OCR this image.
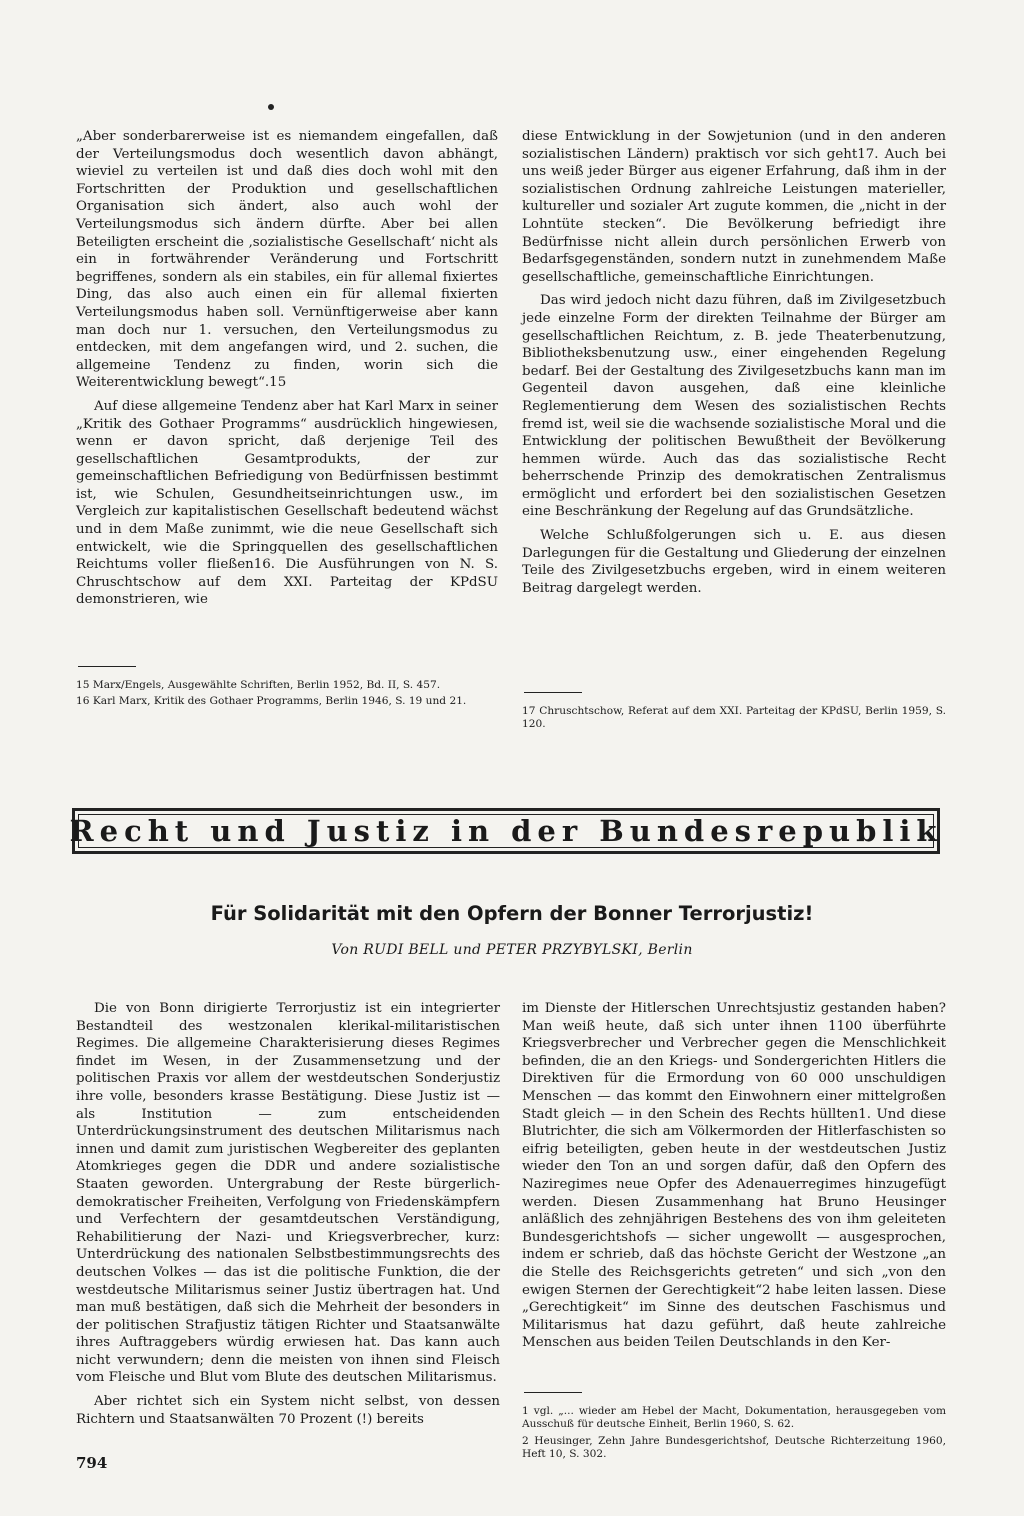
„Aber sonderbarerweise ist es niemandem eingefallen, daß der Verteilungsmodus doch wesentlich davon abhängt, wieviel zu verteilen ist und daß dies doch wohl mit den Fortschritten der Produktion und gesellschaftlichen Organisation sich ändert, also auch wohl der Verteilungsmodus sich ändern dürfte. Aber bei allen Beteiligten erscheint die ‚sozialistische Gesellschaft‘ nicht als ein in fortwährender Veränderung und Fortschritt begriffenes, sondern als ein stabiles, ein für allemal fixiertes Ding, das also auch einen ein für allemal fixierten Verteilungsmodus haben soll. Vernünftigerweise aber kann man doch nur 1. versuchen, den Verteilungsmodus zu entdecken, mit dem angefangen wird, und 2. suchen, die allgemeine Tendenz zu finden, worin sich die Weiterentwicklung bewegt“.15

Auf diese allgemeine Tendenz aber hat Karl Marx in seiner „Kritik des Gothaer Programms“ ausdrücklich hingewiesen, wenn er davon spricht, daß derjenige Teil des gesellschaftlichen Gesamtprodukts, der zur gemeinschaftlichen Befriedigung von Bedürfnissen bestimmt ist, wie Schulen, Gesundheitseinrichtungen usw., im Vergleich zur kapitalistischen Gesellschaft bedeutend wächst und in dem Maße zunimmt, wie die neue Gesellschaft sich entwickelt, wie die Springquellen des gesellschaftlichen Reichtums voller fließen16. Die Ausführungen von N. S. Chruschtschow auf dem XXI. Parteitag der KPdSU demonstrieren, wie

15 Marx/Engels, Ausgewählte Schriften, Berlin 1952, Bd. II, S. 457.

16 Karl Marx, Kritik des Gothaer Programms, Berlin 1946, S. 19 und 21.

diese Entwicklung in der Sowjetunion (und in den anderen sozialistischen Ländern) praktisch vor sich geht17. Auch bei uns weiß jeder Bürger aus eigener Erfahrung, daß ihm in der sozialistischen Ordnung zahlreiche Leistungen materieller, kultureller und sozialer Art zugute kommen, die „nicht in der Lohntüte stecken“. Die Bevölkerung befriedigt ihre Bedürfnisse nicht allein durch persönlichen Erwerb von Bedarfsgegenständen, sondern nutzt in zunehmendem Maße gesellschaftliche, gemeinschaftliche Einrichtungen.

Das wird jedoch nicht dazu führen, daß im Zivilgesetzbuch jede einzelne Form der direkten Teilnahme der Bürger am gesellschaftlichen Reichtum, z. B. jede Theaterbenutzung, Bibliotheksbenutzung usw., einer eingehenden Regelung bedarf. Bei der Gestaltung des Zivilgesetzbuchs kann man im Gegenteil davon ausgehen, daß eine kleinliche Reglementierung dem Wesen des sozialistischen Rechts fremd ist, weil sie die wachsende sozialistische Moral und die Entwicklung der politischen Bewußtheit der Bevölkerung hemmen würde. Auch das das sozialistische Recht beherrschende Prinzip des demokratischen Zentralismus ermöglicht und erfordert bei den sozialistischen Gesetzen eine Beschränkung der Regelung auf das Grundsätzliche.

Welche Schlußfolgerungen sich u. E. aus diesen Darlegungen für die Gestaltung und Gliederung der einzelnen Teile des Zivilgesetzbuchs ergeben, wird in einem weiteren Beitrag dargelegt werden.

17 Chruschtschow, Referat auf dem XXI. Parteitag der KPdSU, Berlin 1959, S. 120.

Recht und Justiz in der Bundesrepublik
Für Solidarität mit den Opfern der Bonner Terrorjustiz!
Von RUDI BELL und PETER PRZYBYLSKI, Berlin

Die von Bonn dirigierte Terrorjustiz ist ein integrierter Bestandteil des westzonalen klerikal-militaristischen Regimes. Die allgemeine Charakterisierung dieses Regimes findet im Wesen, in der Zusammensetzung und der politischen Praxis vor allem der westdeutschen Sonderjustiz ihre volle, besonders krasse Bestätigung. Diese Justiz ist — als Institution — zum entscheidenden Unterdrückungsinstrument des deutschen Militarismus nach innen und damit zum juristischen Wegbereiter des geplanten Atomkrieges gegen die DDR und andere sozialistische Staaten geworden. Untergrabung der Reste bürgerlich-demokratischer Freiheiten, Verfolgung von Friedenskämpfern und Verfechtern der gesamtdeutschen Verständigung, Rehabilitierung der Nazi- und Kriegsverbrecher, kurz: Unterdrückung des nationalen Selbstbestimmungsrechts des deutschen Volkes — das ist die politische Funktion, die der westdeutsche Militarismus seiner Justiz übertragen hat. Und man muß bestätigen, daß sich die Mehrheit der besonders in der politischen Strafjustiz tätigen Richter und Staatsanwälte ihres Auftraggebers würdig erwiesen hat. Das kann auch nicht verwundern; denn die meisten von ihnen sind Fleisch vom Fleische und Blut vom Blute des deutschen Militarismus.

Aber richtet sich ein System nicht selbst, von dessen Richtern und Staatsanwälten 70 Prozent (!) bereits

im Dienste der Hitlerschen Unrechtsjustiz gestanden haben? Man weiß heute, daß sich unter ihnen 1100 überführte Kriegsverbrecher und Verbrecher gegen die Menschlichkeit befinden, die an den Kriegs- und Sondergerichten Hitlers die Direktiven für die Ermordung von 60 000 unschuldigen Menschen — das kommt den Einwohnern einer mittelgroßen Stadt gleich — in den Schein des Rechts hüllten1. Und diese Blutrichter, die sich am Völkermorden der Hitlerfaschisten so eifrig beteiligten, geben heute in der westdeutschen Justiz wieder den Ton an und sorgen dafür, daß den Opfern des Naziregimes neue Opfer des Adenauerregimes hinzugefügt werden. Diesen Zusammenhang hat Bruno Heusinger anläßlich des zehnjährigen Bestehens des von ihm geleiteten Bundesgerichtshofs — sicher ungewollt — ausgesprochen, indem er schrieb, daß das höchste Gericht der Westzone „an die Stelle des Reichsgerichts getreten“ und sich „von den ewigen Sternen der Gerechtigkeit“2 habe leiten lassen. Diese „Gerechtigkeit“ im Sinne des deutschen Faschismus und Militarismus hat dazu geführt, daß heute zahlreiche Menschen aus beiden Teilen Deutschlands in den Ker-

1 vgl. „... wieder am Hebel der Macht, Dokumentation, herausgegeben vom Ausschuß für deutsche Einheit, Berlin 1960, S. 62.

2 Heusinger, Zehn Jahre Bundesgerichtshof, Deutsche Richterzeitung 1960, Heft 10, S. 302.

794
